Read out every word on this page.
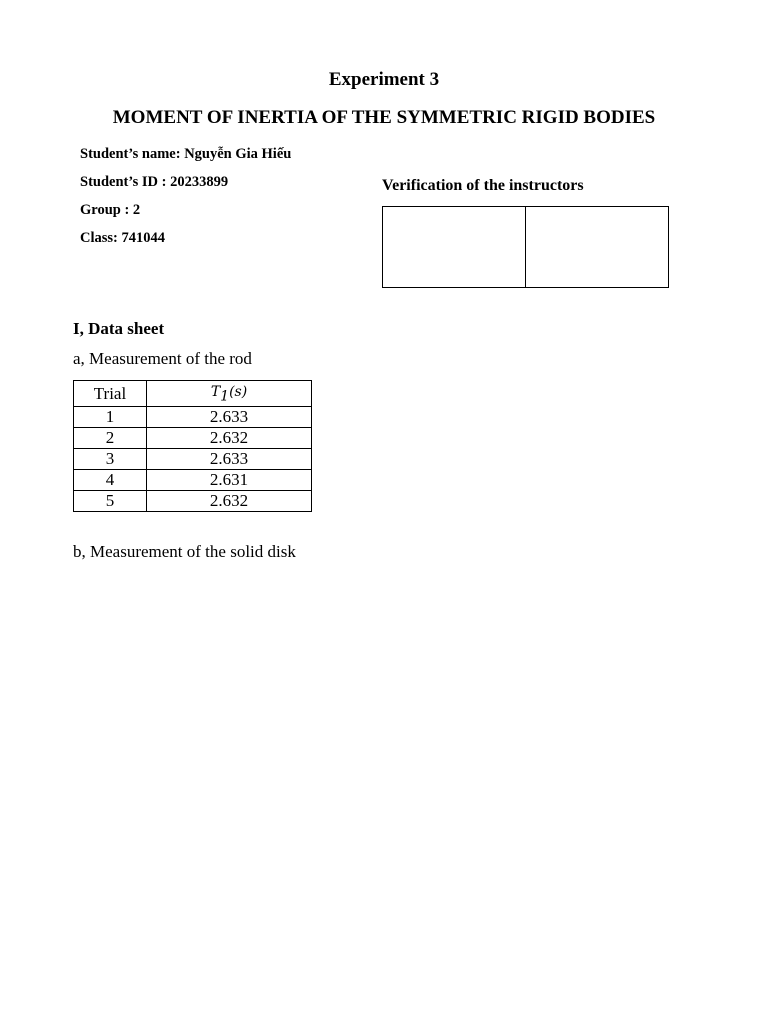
Experiment 3
MOMENT OF INERTIA OF THE SYMMETRIC RIGID BODIES
Student’s name: Nguyễn Gia Hiếu
Student’s ID : 20233899
Group : 2
Class: 741044
Verification of the instructors
I, Data sheet
a, Measurement of the rod
Trial	$T_1(s)$
1	2.633
2	2.632
3	2.633
4	2.631
5	2.632
b, Measurement of the solid disk
